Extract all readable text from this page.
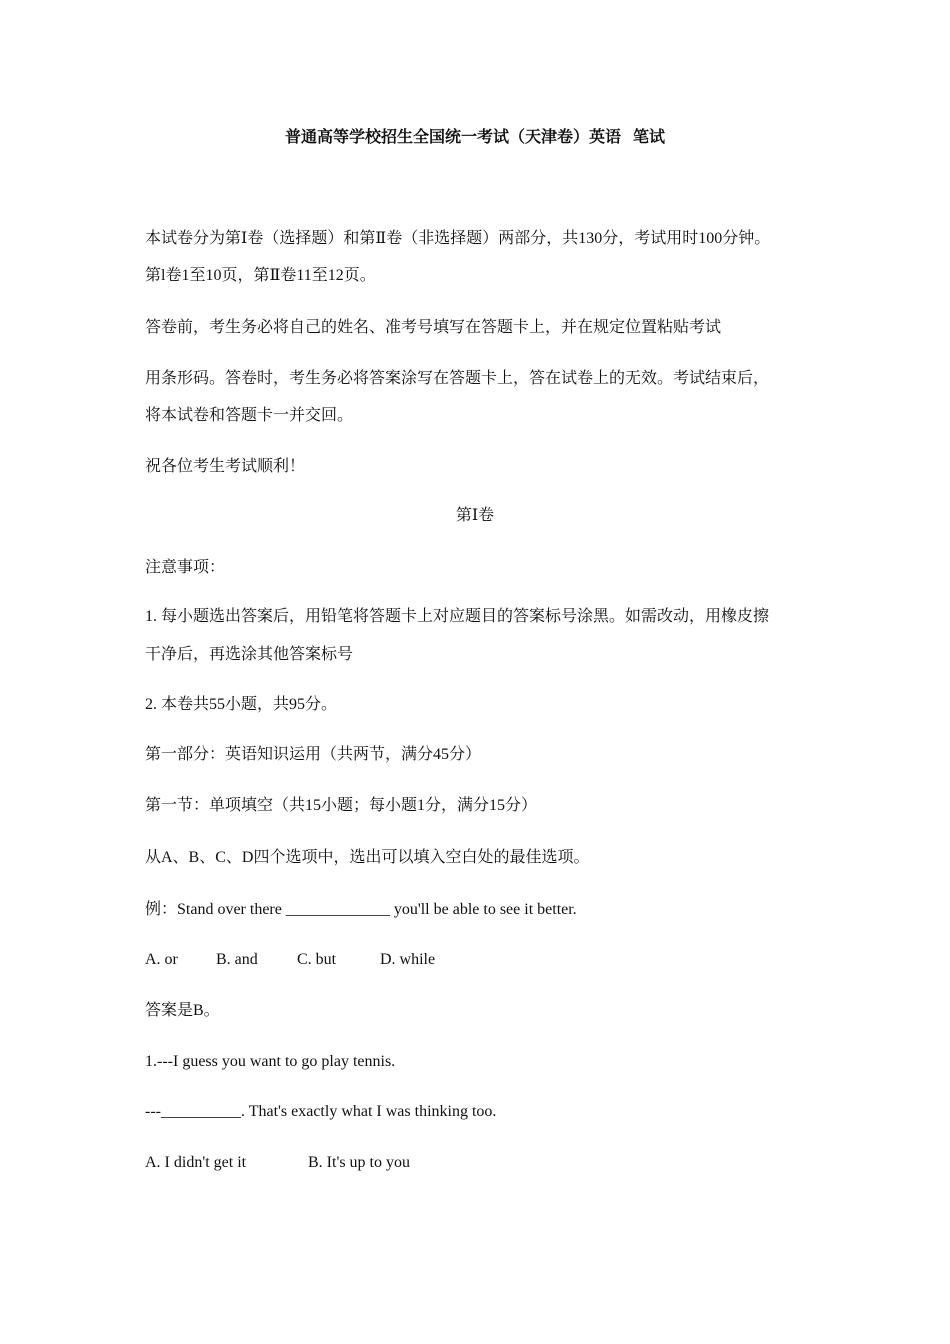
普通高等学校招生全国统一考试（天津卷）英语   笔试
本试卷分为第Ⅰ卷（选择题）和第Ⅱ卷（非选择题）两部分，共130分，考试用时100分钟。
第l卷1至10页，第Ⅱ卷11至12页。
答卷前，考生务必将自己的姓名、准考号填写在答题卡上，并在规定位置粘贴考试
用条形码。答卷时，考生务必将答案涂写在答题卡上，答在试卷上的无效。考试结束后，
将本试卷和答题卡一并交回。
祝各位考生考试顺利！
第Ⅰ卷
注意事项：
1. 每小题选出答案后，用铅笔将答题卡上对应题目的答案标号涂黑。如需改动，用橡皮擦
干净后，再选涂其他答案标号
2. 本卷共55小题，共95分。
第一部分：英语知识运用（共两节，满分45分）
第一节：单项填空（共15小题；每小题1分，满分15分）
从A、B、C、D四个选项中，选出可以填入空白处的最佳选项。
例：Stand over there _____________ you'll be able to see it better.
A. or B. and C. but	D. while
答案是B。
1.---I guess you want to go play tennis.
---__________. That's exactly what I was thinking too.
A. I didn't get it	B. It's up to you
